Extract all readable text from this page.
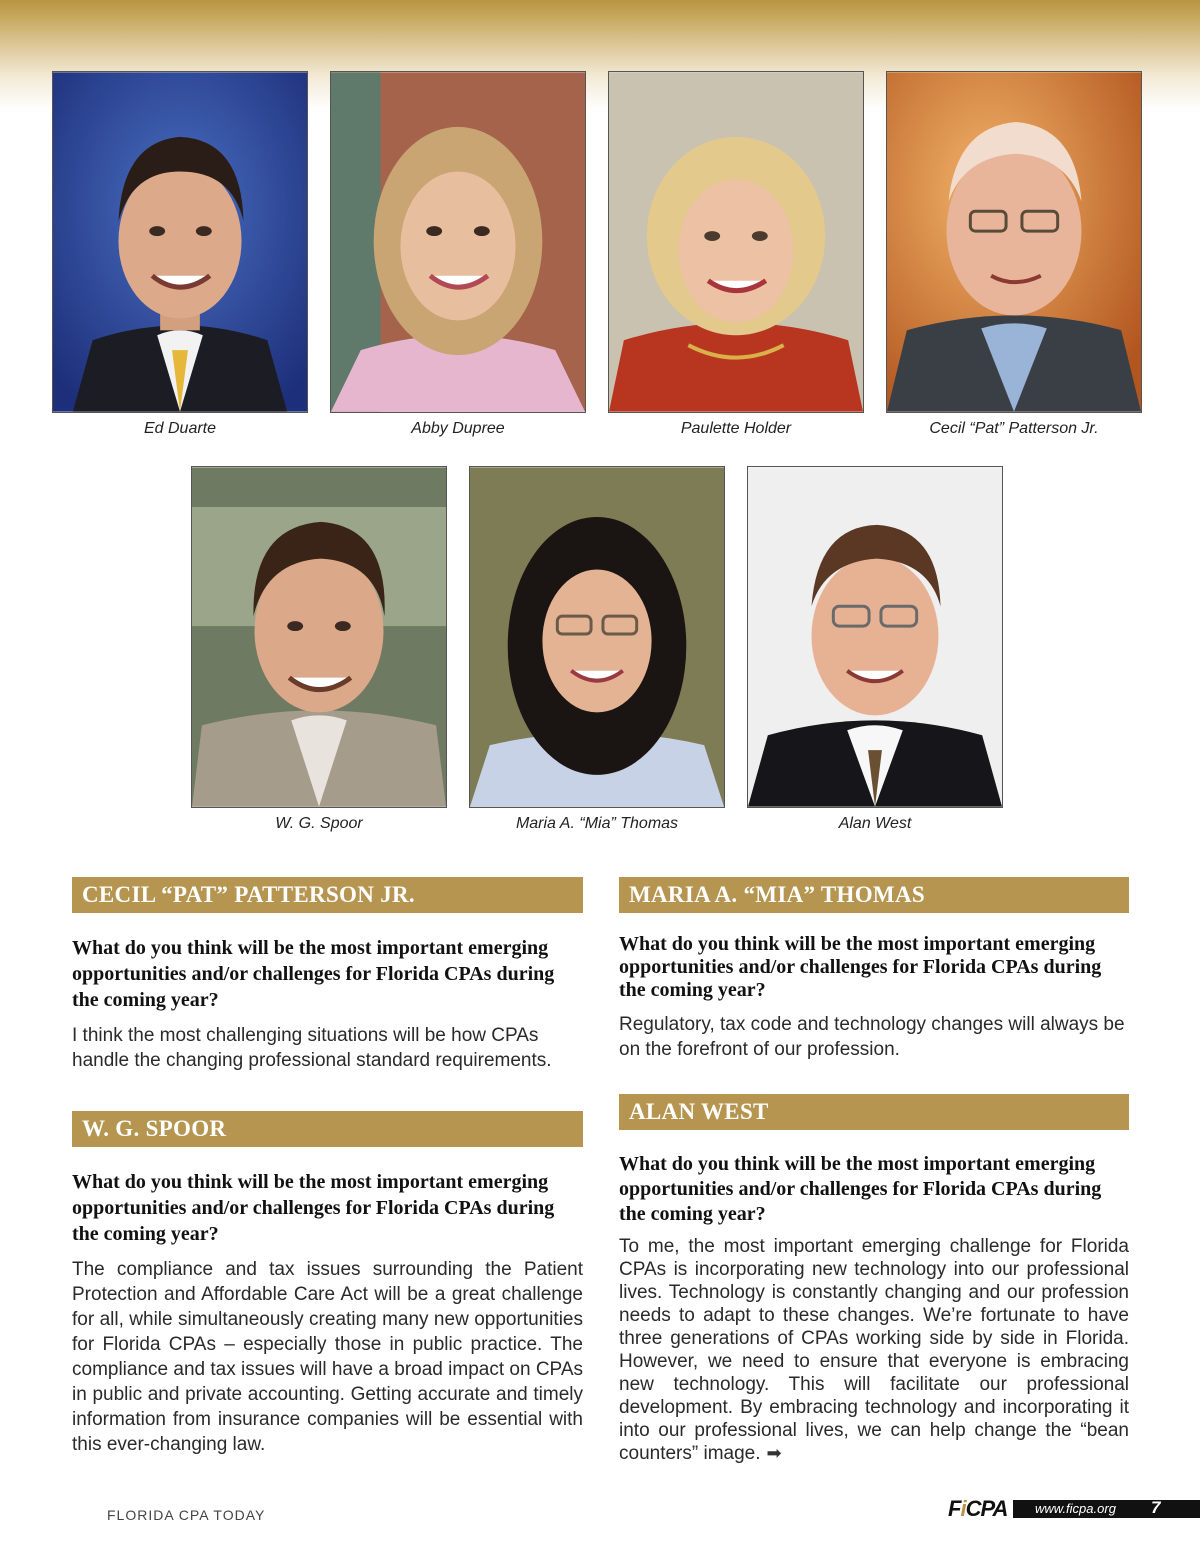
Ed Duarte	Abby Dupree	Paulette Holder	Cecil “Pat” Patterson Jr.
W. G. Spoor	Maria A. “Mia” Thomas	Alan West
CECIL “PAT” PATTERSON JR.
What do you think will be the most important emerging opportunities and/or challenges for Florida CPAs during the coming year?
I think the most challenging situations will be how CPAs handle the changing professional standard requirements.
W. G. SPOOR
What do you think will be the most important emerging opportunities and/or challenges for Florida CPAs during the coming year?
The compliance and tax issues surrounding the Patient Protection and Affordable Care Act will be a great challenge for all, while simultaneously creating many new opportunities for Florida CPAs – especially those in public practice. The compliance and tax issues will have a broad impact on CPAs in public and private accounting. Getting accurate and timely information from insurance companies will be essential with this ever-changing law.
MARIA A. “MIA” THOMAS
What do you think will be the most important emerging opportunities and/or challenges for Florida CPAs during the coming year?
Regulatory, tax code and technology changes will always be on the forefront of our profession.
ALAN WEST
What do you think will be the most important emerging opportunities and/or challenges for Florida CPAs during the coming year?
To me, the most important emerging challenge for Florida CPAs is incorporating new technology into our professional lives. Technology is constantly changing and our profession needs to adapt to these changes. We’re fortunate to have three generations of CPAs working side by side in Florida. However, we need to ensure that everyone is embracing new technology. This will facilitate our professional development. By embracing technology and incorporating it into our professional lives, we can help change the “bean counters” image. ➡
FLORIDA CPA TODAY	FiCPA www.ficpa.org 7
